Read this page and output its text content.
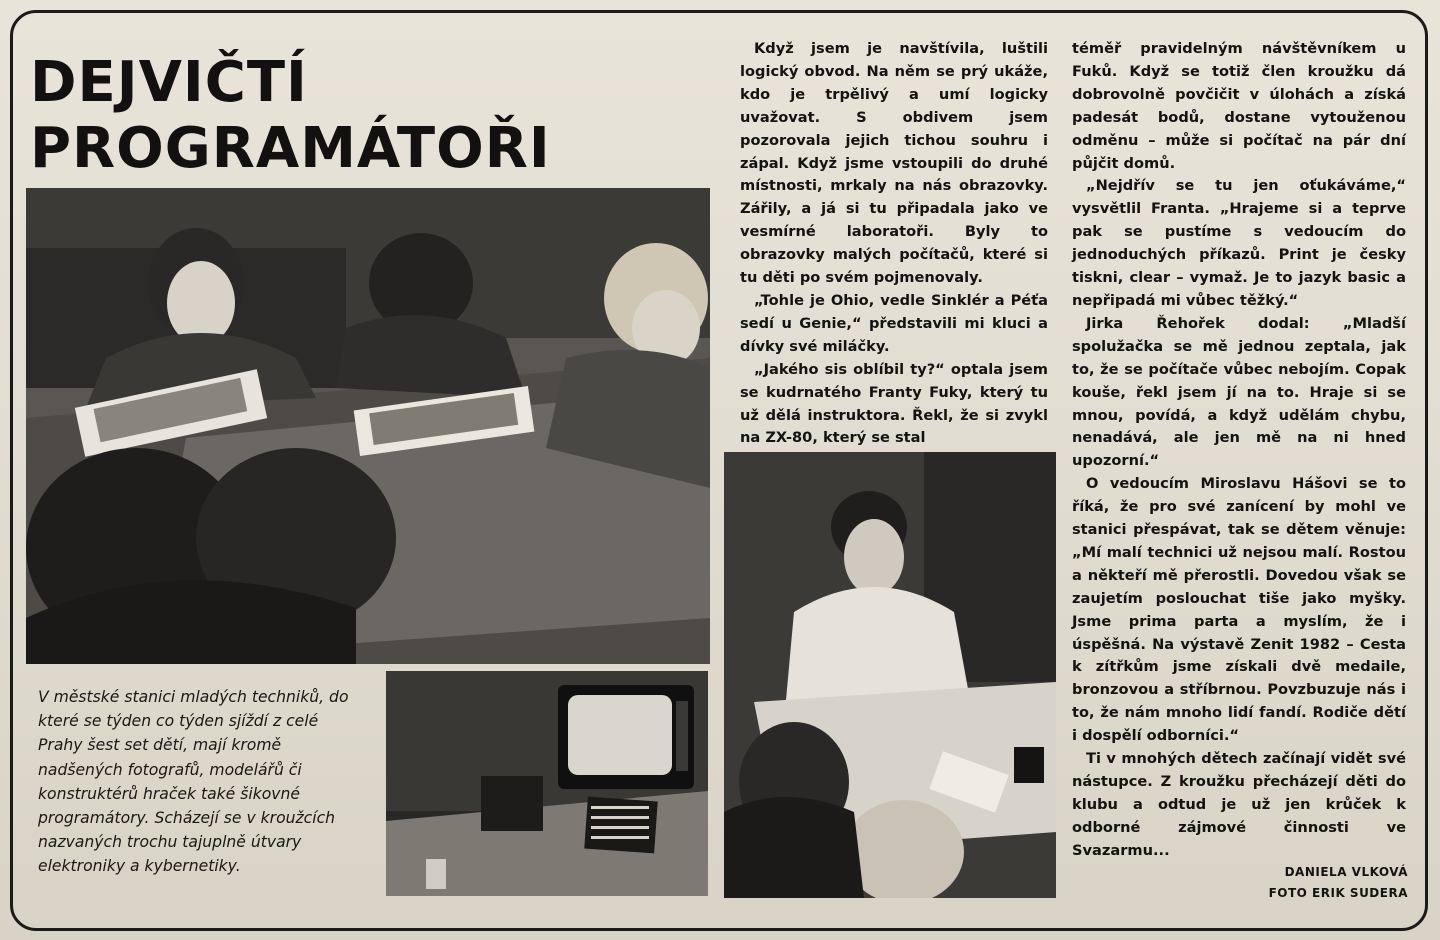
DEJVIČTÍ
PROGRAMÁTOŘI
V městské stanici mladých techniků, do které se týden co týden sjíždí z celé Prahy šest set dětí, mají kromě nadšených fotografů, modelářů či konstruktérů hraček také šikovné programátory. Scházejí se v kroužcích nazvaných trochu tajuplně útvary elektroniky a kybernetiky.

Když jsem je navštívila, luštili logický obvod. Na něm se prý ukáže, kdo je trpělivý a umí logicky uvažovat. S obdivem jsem pozorovala jejich tichou souhru i zápal. Když jsme vstoupili do druhé místnosti, mrkaly na nás obrazovky. Zářily, a já si tu připadala jako ve vesmírné laboratoři. Byly to obrazovky malých počítačů, které si tu děti po svém pojmenovaly.

„Tohle je Ohio, vedle Sinklér a Péťa sedí u Genie,“ představili mi kluci a dívky své miláčky.

„Jakého sis oblíbil ty?“ optala jsem se kudrnatého Franty Fuky, který tu už dělá instruktora. Řekl, že si zvykl na ZX-80, který se stal

téměř pravidelným návštěvníkem u Fuků. Když se totiž člen kroužku dá dobrovolně povčičit v úlohách a získá padesát bodů, dostane vytouženou odměnu – může si počítač na pár dní půjčit domů.

„Nejdřív se tu jen oťukáváme,“ vysvětlil Franta. „Hrajeme si a teprve pak se pustíme s vedoucím do jednoduchých příkazů. Print je česky tiskni, clear – vymaž. Je to jazyk basic a nepřipadá mi vůbec těžký.“

Jirka Řehořek dodal: „Mladší spolužačka se mě jednou zeptala, jak to, že se počítače vůbec nebojím. Copak kouše, řekl jsem jí na to. Hraje si se mnou, povídá, a když udělám chybu, nenadává, ale jen mě na ni hned upozorní.“

O vedoucím Miroslavu Hášovi se to říká, že pro své zanícení by mohl ve stanici přespávat, tak se dětem věnuje: „Mí malí technici už nejsou malí. Rostou a někteří mě přerostli. Dovedou však se zaujetím poslouchat tiše jako myšky. Jsme prima parta a myslím, že i úspěšná. Na výstavě Zenit 1982 – Cesta k zítřkům jsme získali dvě medaile, bronzovou a stříbrnou. Povzbuzuje nás i to, že nám mnoho lidí fandí. Rodiče dětí i dospělí odborníci.“

Ti v mnohých dětech začínají vidět své nástupce. Z kroužku přecházejí děti do klubu a odtud je už jen krůček k odborné zájmové činnosti ve Svazarmu...

DANIELA VLKOVÁ
FOTO ERIK SUDERA
